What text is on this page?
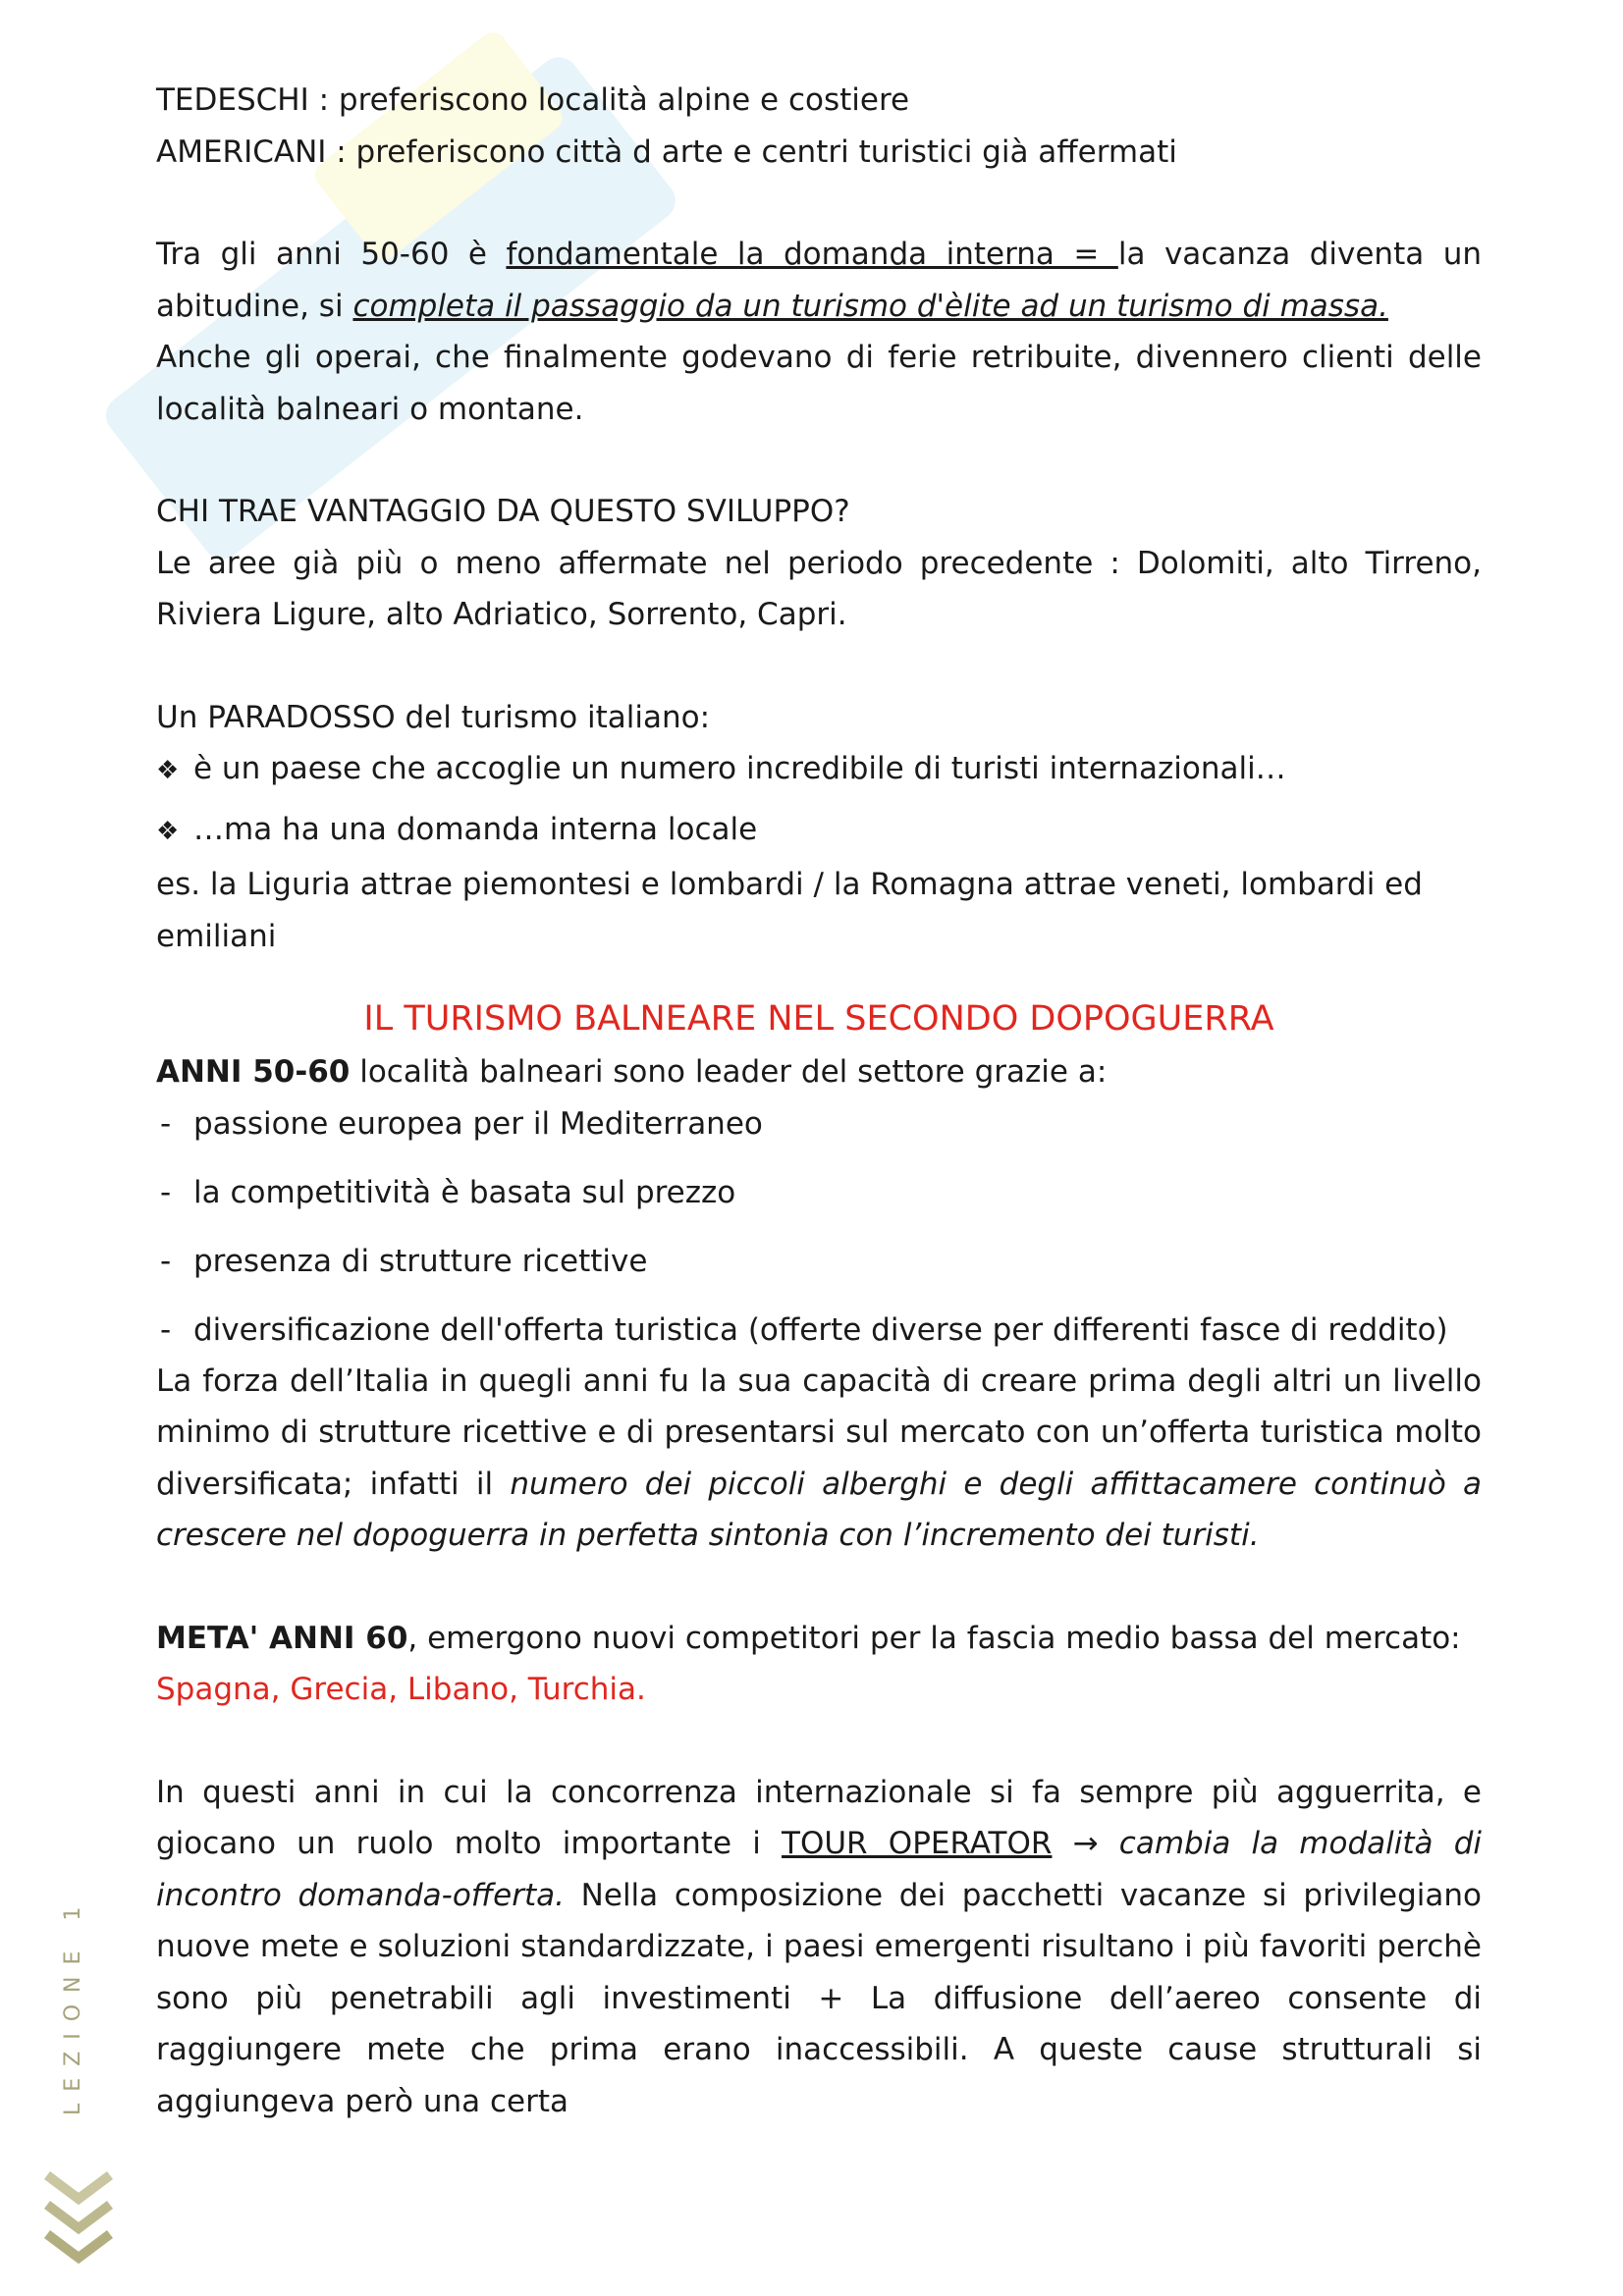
TEDESCHI : preferiscono località alpine e costiere

AMERICANI : preferiscono città d arte e centri turistici già affermati

Tra gli anni 50-60 è fondamentale la domanda interna = la vacanza diventa un abitudine, si completa il passaggio da un turismo d'èlite ad un turismo di massa.

Anche gli operai, che finalmente godevano di ferie retribuite, divennero clienti delle località balneari o montane.

CHI TRAE VANTAGGIO DA QUESTO SVILUPPO?

Le aree già più o meno affermate nel periodo precedente : Dolomiti, alto Tirreno, Riviera Ligure, alto Adriatico, Sorrento, Capri.

Un PARADOSSO del turismo italiano:

❖ è un paese che accoglie un numero incredibile di turisti internazionali…
❖ …ma ha una domanda interna locale

es. la Liguria attrae piemontesi e lombardi / la Romagna attrae veneti, lombardi ed emiliani

IL TURISMO BALNEARE NEL SECONDO DOPOGUERRA

ANNI 50-60 località balneari sono leader del settore grazie a:

- passione europea per il Mediterraneo
- la competitività è basata sul prezzo
- presenza di strutture ricettive
- diversificazione dell'offerta turistica (offerte diverse per differenti fasce di reddito)

La forza dell’Italia in quegli anni fu la sua capacità di creare prima degli altri un livello minimo di strutture ricettive e di presentarsi sul mercato con un’offerta turistica molto diversificata; infatti il numero dei piccoli alberghi e degli affittacamere continuò a crescere nel dopoguerra in perfetta sintonia con l’incremento dei turisti.

META' ANNI 60, emergono nuovi competitori per la fascia medio bassa del mercato:

Spagna, Grecia, Libano, Turchia.

In questi anni in cui la concorrenza internazionale si fa sempre più agguerrita, e giocano un ruolo molto importante i TOUR OPERATOR → cambia la modalità di incontro domanda-offerta. Nella composizione dei pacchetti vacanze si privilegiano nuove mete e soluzioni standardizzate, i paesi emergenti risultano i più favoriti perchè sono più penetrabili agli investimenti + La diffusione dell’aereo consente di raggiungere mete che prima erano inaccessibili. A queste cause strutturali si aggiungeva però una certa

LEZIONE 1
